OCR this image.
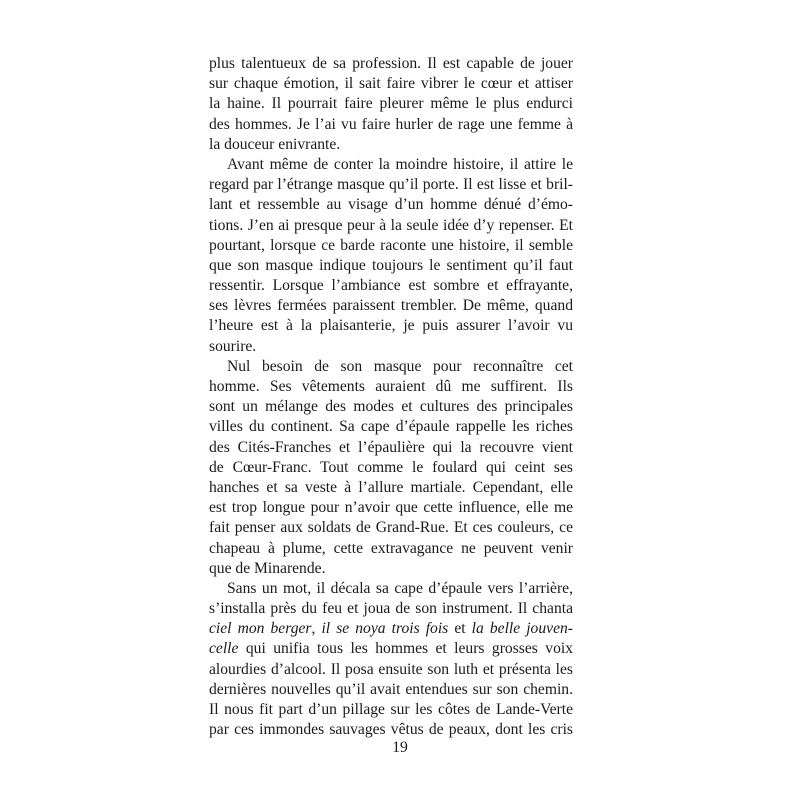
plus talentueux de sa profession. Il est capable de jouer
sur chaque émotion, il sait faire vibrer le cœur et attiser
la haine. Il pourrait faire pleurer même le plus endurci
des hommes. Je l’ai vu faire hurler de rage une femme à
la douceur enivrante.
Avant même de conter la moindre histoire, il attire le
regard par l’étrange masque qu’il porte. Il est lisse et bril-
lant et ressemble au visage d’un homme dénué d’émo-
tions. J’en ai presque peur à la seule idée d’y repenser. Et
pourtant, lorsque ce barde raconte une histoire, il semble
que son masque indique toujours le sentiment qu’il faut
ressentir. Lorsque l’ambiance est sombre et effrayante,
ses lèvres fermées paraissent trembler. De même, quand
l’heure est à la plaisanterie, je puis assurer l’avoir vu
sourire.
Nul besoin de son masque pour reconnaître cet
homme. Ses vêtements auraient dû me suffirent. Ils
sont un mélange des modes et cultures des principales
villes du continent. Sa cape d’épaule rappelle les riches
des Cités-Franches et l’épaulière qui la recouvre vient
de Cœur-Franc. Tout comme le foulard qui ceint ses
hanches et sa veste à l’allure martiale. Cependant, elle
est trop longue pour n’avoir que cette influence, elle me
fait penser aux soldats de Grand-Rue. Et ces couleurs, ce
chapeau à plume, cette extravagance ne peuvent venir
que de Minarende.
Sans un mot, il décala sa cape d’épaule vers l’arrière,
s’installa près du feu et joua de son instrument. Il chanta
ciel mon berger, il se noya trois fois et la belle jouven-
celle qui unifia tous les hommes et leurs grosses voix
alourdies d’alcool. Il posa ensuite son luth et présenta les
dernières nouvelles qu’il avait entendues sur son chemin.
Il nous fit part d’un pillage sur les côtes de Lande-Verte
par ces immondes sauvages vêtus de peaux, dont les cris
19
